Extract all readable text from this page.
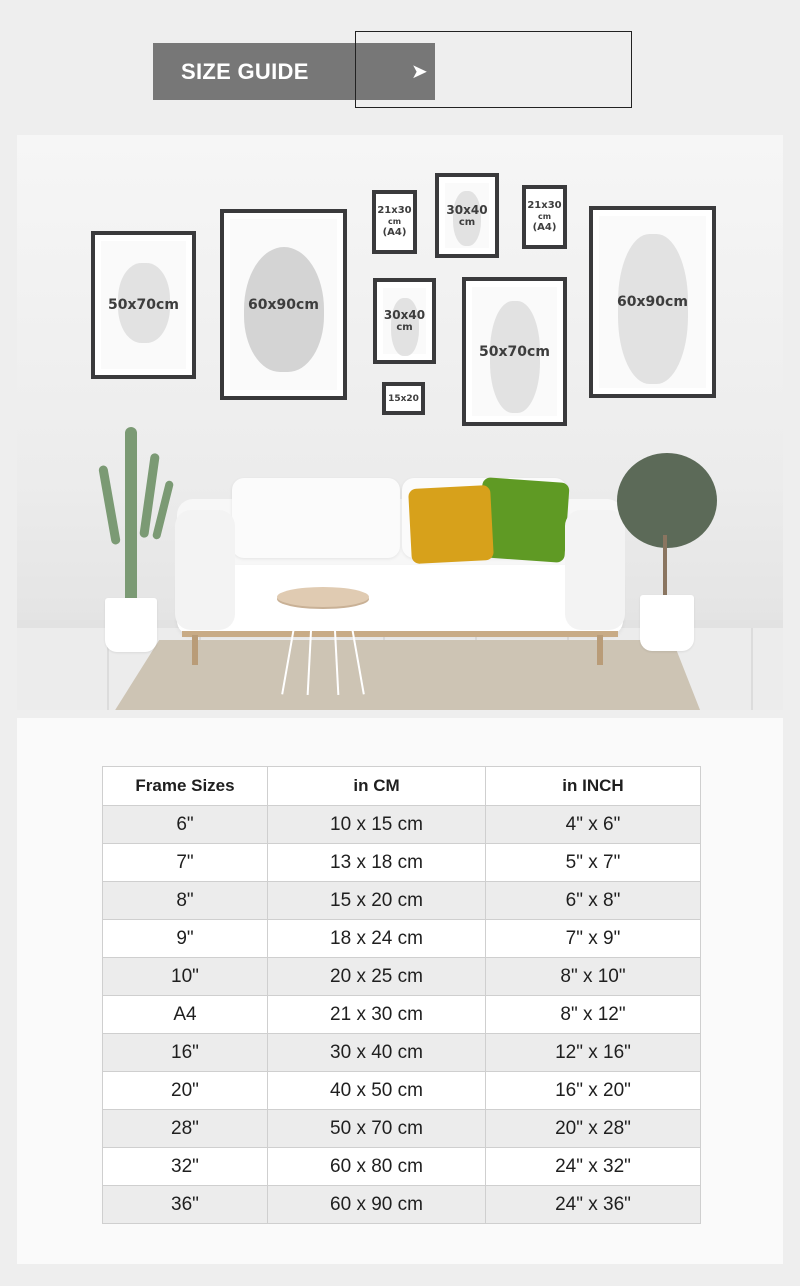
SIZE GUIDE	➤
50x70cm	60x90cm
21x30
cm
(A4)
30x40
cm
21x30
cm
(A4)
60x90cm
30x40
cm
50x70cm
15x20
Frame Sizes	in CM	in INCH
6"	10 x 15 cm	4" x 6"
7"	13 x 18 cm	5" x 7"
8"	15 x 20 cm	6" x 8"
9"	18 x 24 cm	7" x 9"
10"	20 x 25 cm	8" x 10"
A4	21 x 30 cm	8" x 12"
16"	30 x 40 cm	12" x 16"
20"	40 x 50 cm	16" x 20"
28"	50 x 70 cm	20" x 28"
32"	60 x 80 cm	24" x 32"
36"	60 x 90 cm	24" x 36"
